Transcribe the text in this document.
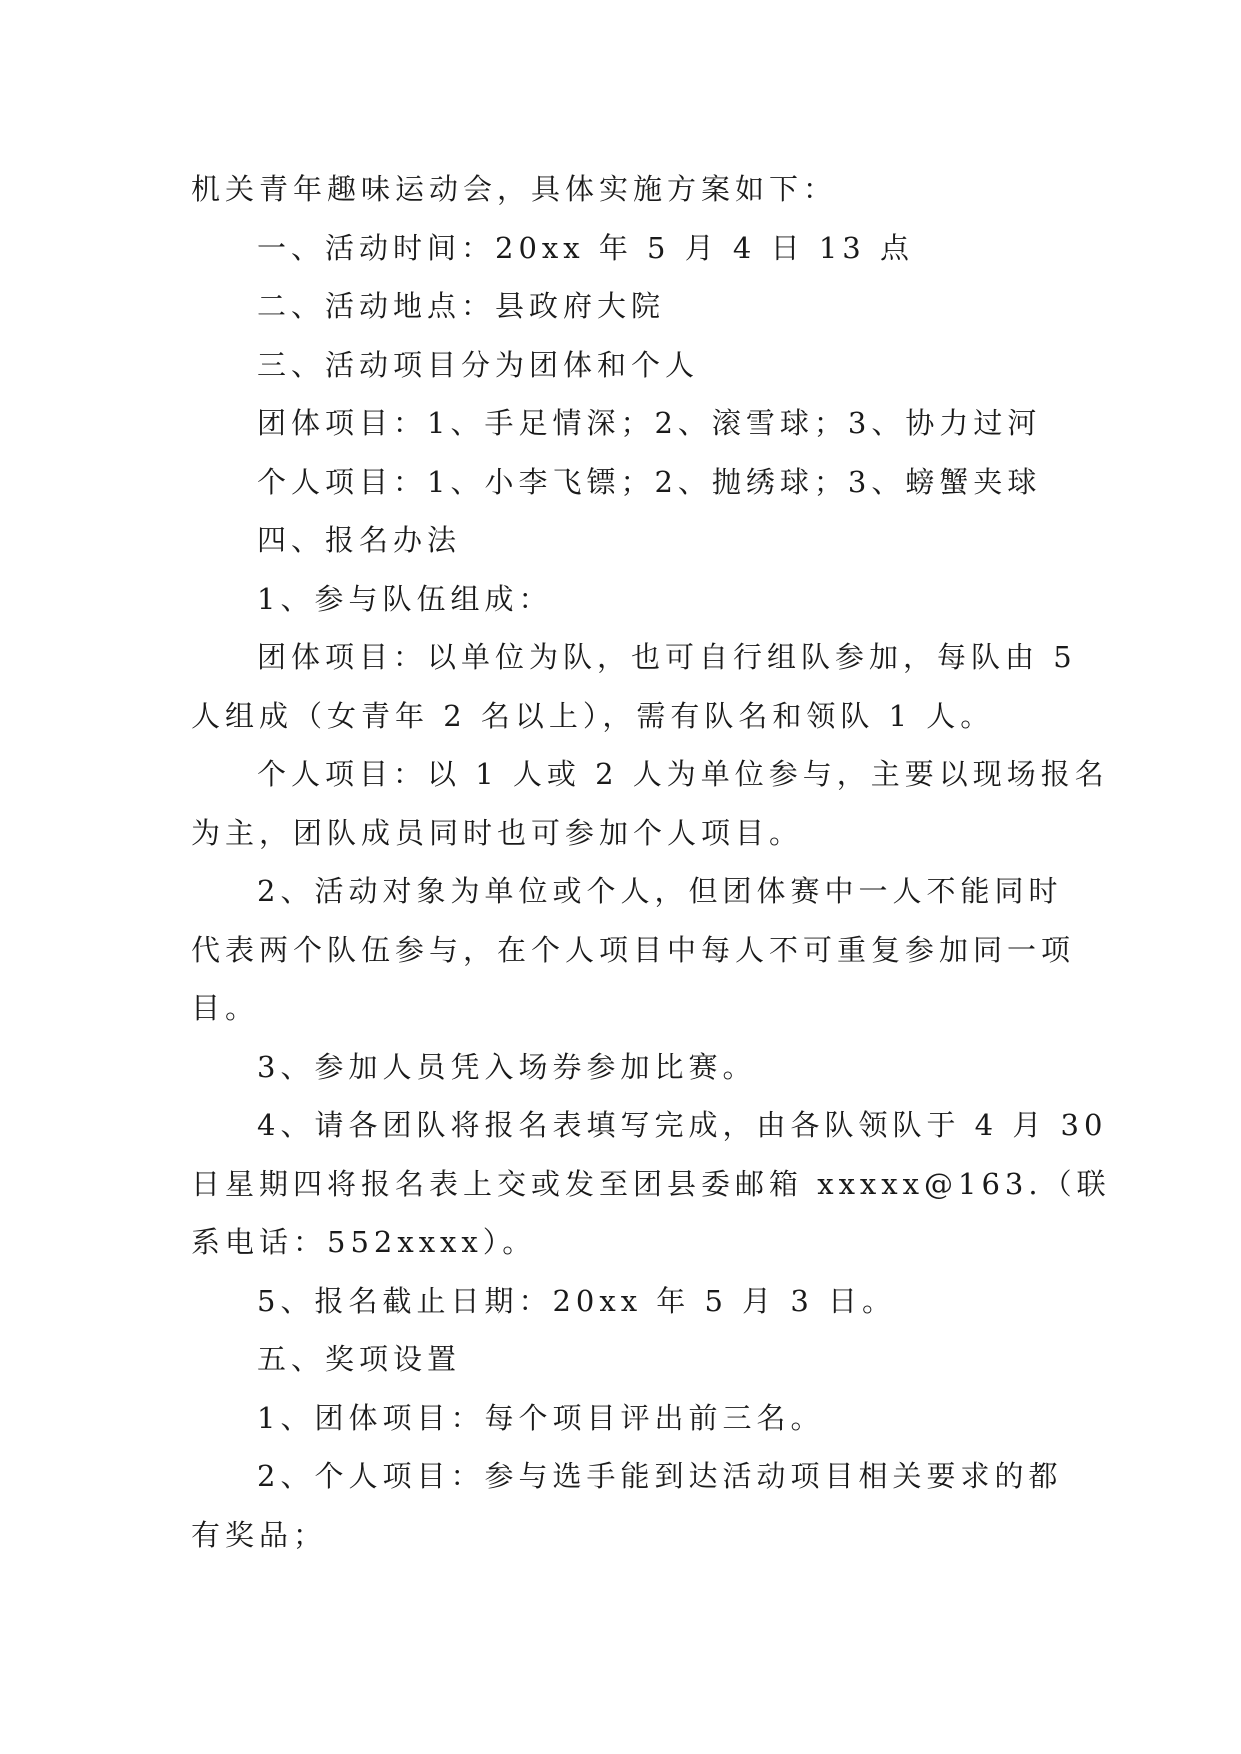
机关青年趣味运动会，具体实施方案如下：
一、活动时间：20xx 年 5 月 4 日 13 点
二、活动地点：县政府大院
三、活动项目分为团体和个人
团体项目：1、手足情深；2、滚雪球；3、协力过河
个人项目：1、小李飞镖；2、抛绣球；3、螃蟹夹球
四、报名办法
1、参与队伍组成：
团体项目：以单位为队，也可自行组队参加，每队由 5
人组成（女青年 2 名以上），需有队名和领队 1 人。
个人项目：以 1 人或 2 人为单位参与，主要以现场报名
为主，团队成员同时也可参加个人项目。
2、活动对象为单位或个人，但团体赛中一人不能同时
代表两个队伍参与，在个人项目中每人不可重复参加同一项
目。
3、参加人员凭入场券参加比赛。
4、请各团队将报名表填写完成，由各队领队于 4 月 30
日星期四将报名表上交或发至团县委邮箱 xxxxx@163.（联
系电话：552xxxx）。
5、报名截止日期：20xx 年 5 月 3 日。
五、奖项设置
1、团体项目：每个项目评出前三名。
2、个人项目：参与选手能到达活动项目相关要求的都
有奖品；
